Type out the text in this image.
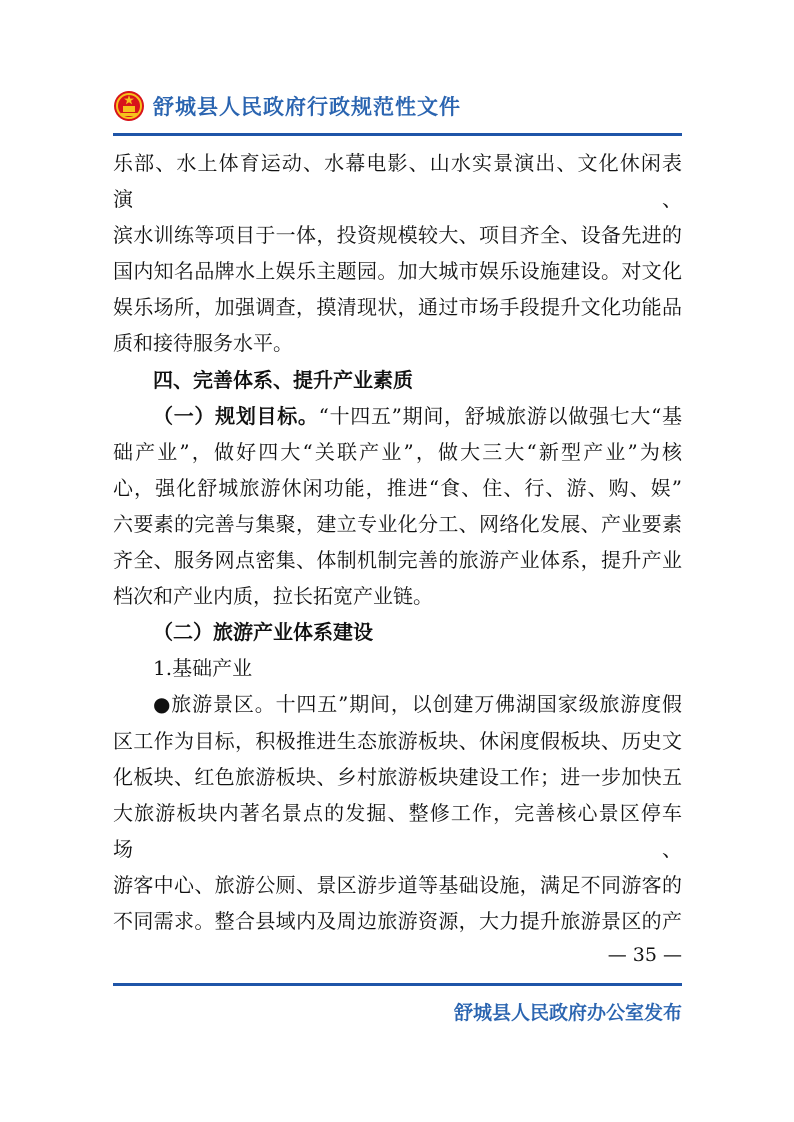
舒城县人民政府行政规范性文件

乐部、水上体育运动、水幕电影、山水实景演出、文化休闲表演、

滨水训练等项目于一体，投资规模较大、项目齐全、设备先进的

国内知名品牌水上娱乐主题园。加大城市娱乐设施建设。对文化

娱乐场所，加强调查，摸清现状，通过市场手段提升文化功能品

质和接待服务水平。

四、完善体系、提升产业素质

（一）规划目标。“十四五”期间，舒城旅游以做强七大“基

础产业”，做好四大“关联产业”，做大三大“新型产业”为核

心，强化舒城旅游休闲功能，推进“食、住、行、游、购、娱”

六要素的完善与集聚，建立专业化分工、网络化发展、产业要素

齐全、服务网点密集、体制机制完善的旅游产业体系，提升产业

档次和产业内质，拉长拓宽产业链。

（二）旅游产业体系建设

1.基础产业

●旅游景区。十四五”期间，以创建万佛湖国家级旅游度假

区工作为目标，积极推进生态旅游板块、休闲度假板块、历史文

化板块、红色旅游板块、乡村旅游板块建设工作；进一步加快五

大旅游板块内著名景点的发掘、整修工作，完善核心景区停车场、

游客中心、旅游公厕、景区游步道等基础设施，满足不同游客的

不同需求。整合县域内及周边旅游资源，大力提升旅游景区的产

— 35 —
舒城县人民政府办公室发布
